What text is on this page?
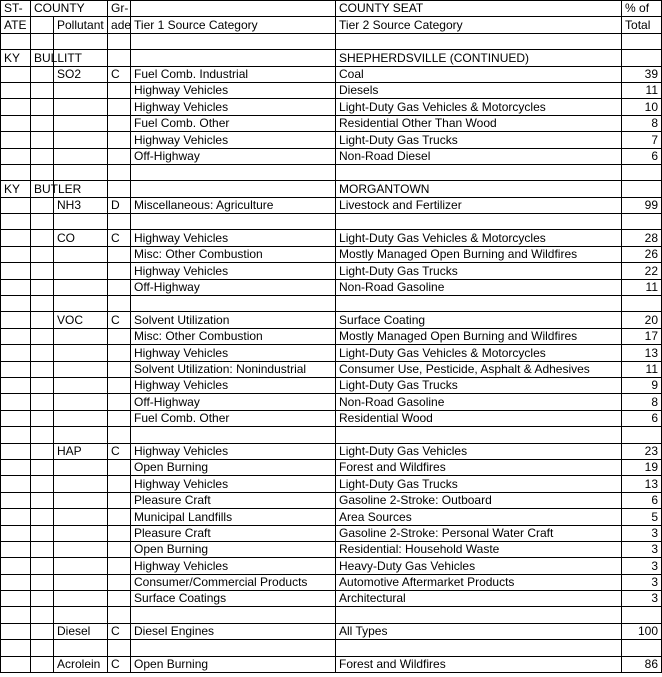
ST-	COUNTY		Gr-		COUNTY SEAT	% of
ATE		Pollutant	ade	Tier 1 Source Category	Tier 2 Source Category	Total

KY	BULLITT				SHEPHERDSVILLE (CONTINUED)	
		SO2	C	Fuel Comb. Industrial	Coal	39
				Highway Vehicles	Diesels	11
				Highway Vehicles	Light-Duty Gas Vehicles & Motorcycles	10
				Fuel Comb. Other	Residential Other Than Wood	8
				Highway Vehicles	Light-Duty Gas Trucks	7
				Off-Highway	Non-Road Diesel	6

KY	BUTLER				MORGANTOWN	
		NH3	D	Miscellaneous: Agriculture	Livestock and Fertilizer	99

		CO	C	Highway Vehicles	Light-Duty Gas Vehicles & Motorcycles	28
				Misc: Other Combustion	Mostly Managed Open Burning and Wildfires	26
				Highway Vehicles	Light-Duty Gas Trucks	22
				Off-Highway	Non-Road Gasoline	11

		VOC	C	Solvent Utilization	Surface Coating	20
				Misc: Other Combustion	Mostly Managed Open Burning and Wildfires	17
				Highway Vehicles	Light-Duty Gas Vehicles & Motorcycles	13
				Solvent Utilization: Nonindustrial	Consumer Use, Pesticide, Asphalt & Adhesives	11
				Highway Vehicles	Light-Duty Gas Trucks	9
				Off-Highway	Non-Road Gasoline	8
				Fuel Comb. Other	Residential Wood	6

		HAP	C	Highway Vehicles	Light-Duty Gas Vehicles	23
				Open Burning	Forest and Wildfires	19
				Highway Vehicles	Light-Duty Gas Trucks	13
				Pleasure Craft	Gasoline 2-Stroke: Outboard	6
				Municipal Landfills	Area Sources	5
				Pleasure Craft	Gasoline 2-Stroke: Personal Water Craft	3
				Open Burning	Residential: Household Waste	3
				Highway Vehicles	Heavy-Duty Gas Vehicles	3
				Consumer/Commercial Products	Automotive Aftermarket Products	3
				Surface Coatings	Architectural	3

		Diesel	C	Diesel Engines	All Types	100

		Acrolein	C	Open Burning	Forest and Wildfires	86
